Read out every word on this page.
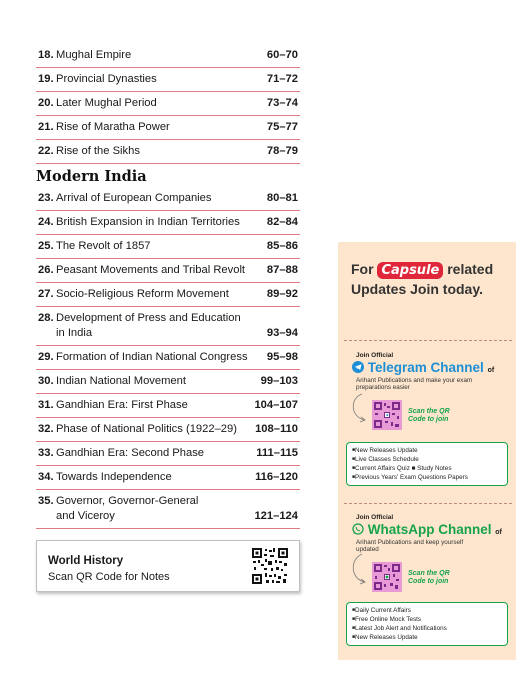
18. Mughal Empire	60–70
19. Provincial Dynasties	71–72
20. Later Mughal Period	73–74
21. Rise of Maratha Power	75–77
22. Rise of the Sikhs	78–79
Modern India
23. Arrival of European Companies	80–81
24. British Expansion in Indian Territories 82–84
25. The Revolt of 1857	85–86
26. Peasant Movements and Tribal Revolt 87–88
27. Socio-Religious Reform Movement	89–92
28. Development of Press and Education
in India	93–94
29. Formation of Indian National Congress 95–98
30. Indian National Movement	99–103
31. Gandhian Era: First Phase	104–107
32. Phase of National Politics (1922–29) 108–110
33. Gandhian Era: Second Phase	111–115
34. Towards Independence	116–120
35. Governor, Governor-General
and Viceroy	121–124
World History
Scan QR Code for Notes
For Capsule related Updates Join today.
Join Official
Telegram Channel of
Arihant Publications and make your exam preparations easier
Scan the QR Code to join
■ New Releases Update
■ Live Classes Schedule
■ Current Affairs Quiz ■ Study Notes
■ Previous Years' Exam Questions Papers
Join Official
WhatsApp Channel of
Arihant Publications and keep yourself updated
Scan the QR Code to join
■ Daily Current Affairs
■ Free Online Mock Tests
■ Latest Job Alert and Notifications
■ New Releases Update
